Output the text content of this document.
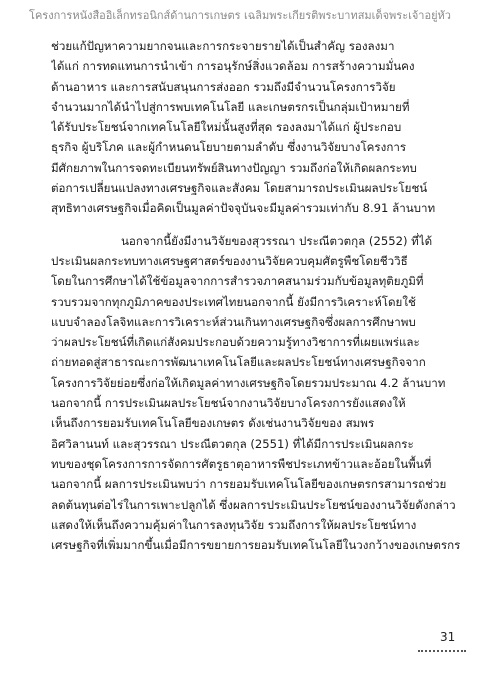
โครงการหนังสืออิเล็กทรอนิกส์ด้านการเกษตร เฉลิมพระเกียรติพระบาทสมเด็จพระเจ้าอยู่หัว
ช่วยแก้ปัญหาความยากจนและการกระจายรายได้เป็นสำคัญ รองลงมา
ได้แก่ การทดแทนการนำเข้า การอนุรักษ์สิ่งแวดล้อม การสร้างความมั่นคง
ด้านอาหาร และการสนับสนุนการส่งออก รวมถึงมีจำนวนโครงการวิจัย
จำนวนมากได้นำไปสู่การพบเทคโนโลยี และเกษตรกรเป็นกลุ่มเป้าหมายที่
ได้รับประโยชน์จากเทคโนโลยีใหม่นั้นสูงที่สุด รองลงมาได้แก่ ผู้ประกอบ
ธุรกิจ ผู้บริโภค และผู้กำหนดนโยบายตามลำดับ ซึ่งงานวิจัยบางโครงการ
มีศักยภาพในการจดทะเบียนทรัพย์สินทางปัญญา รวมถึงก่อให้เกิดผลกระทบ
ต่อการเปลี่ยนแปลงทางเศรษฐกิจและสังคม โดยสามารถประเมินผลประโยชน์
สุทธิทางเศรษฐกิจเมื่อคิดเป็นมูลค่าปัจจุบันจะมีมูลค่ารวมเท่ากับ 8.91 ล้านบาท
นอกจากนี้ยังมีงานวิจัยของสุวรรณา ประณีตวตกุล (2552) ที่ได้
ประเมินผลกระทบทางเศรษฐศาสตร์ของงานวิจัยควบคุมศัตรูพืชโดยชีววิธี
โดยในการศึกษาได้ใช้ข้อมูลจากการสำรวจภาคสนามร่วมกับข้อมูลทุติยภูมิที่
รวบรวมจากทุกภูมิภาคของประเทศไทยนอกจากนี้ ยังมีการวิเคราะห์โดยใช้
แบบจำลองโลจิทและการวิเคราะห์ส่วนเกินทางเศรษฐกิจซึ่งผลการศึกษาพบ
ว่าผลประโยชน์ที่เกิดแก่สังคมประกอบด้วยความรู้ทางวิชาการที่เผยแพร่และ
ถ่ายทอดสู่สาธารณะการพัฒนาเทคโนโลยีและผลประโยชน์ทางเศรษฐกิจจาก
โครงการวิจัยย่อยซึ่งก่อให้เกิดมูลค่าทางเศรษฐกิจโดยรวมประมาณ 4.2 ล้านบาท
นอกจากนี้ การประเมินผลประโยชน์จากงานวิจัยบางโครงการยังแสดงให้
เห็นถึงการยอมรับเทคโนโลยีของเกษตร ดังเช่นงานวิจัยของ สมพร
อิศวิลานนท์ และสุวรรณา ประณีตวตกุล (2551) ที่ได้มีการประเมินผลกระ
ทบของชุดโครงการการจัดการศัตรูธาตุอาหารพืชประเภทข้าวและอ้อยในพื้นที่
นอกจากนี้ ผลการประเมินพบว่า การยอมรับเทคโนโลยีของเกษตรกรสามารถช่วย
ลดต้นทุนต่อไร่ในการเพาะปลูกได้ ซึ่งผลการประเมินประโยชน์ของงานวิจัยดังกล่าว
แสดงให้เห็นถึงความคุ้มค่าในการลงทุนวิจัย รวมถึงการให้ผลประโยชน์ทาง
เศรษฐกิจที่เพิ่มมากขึ้นเมื่อมีการขยายการยอมรับเทคโนโลยีในวงกว้างของเกษตรกร
31
